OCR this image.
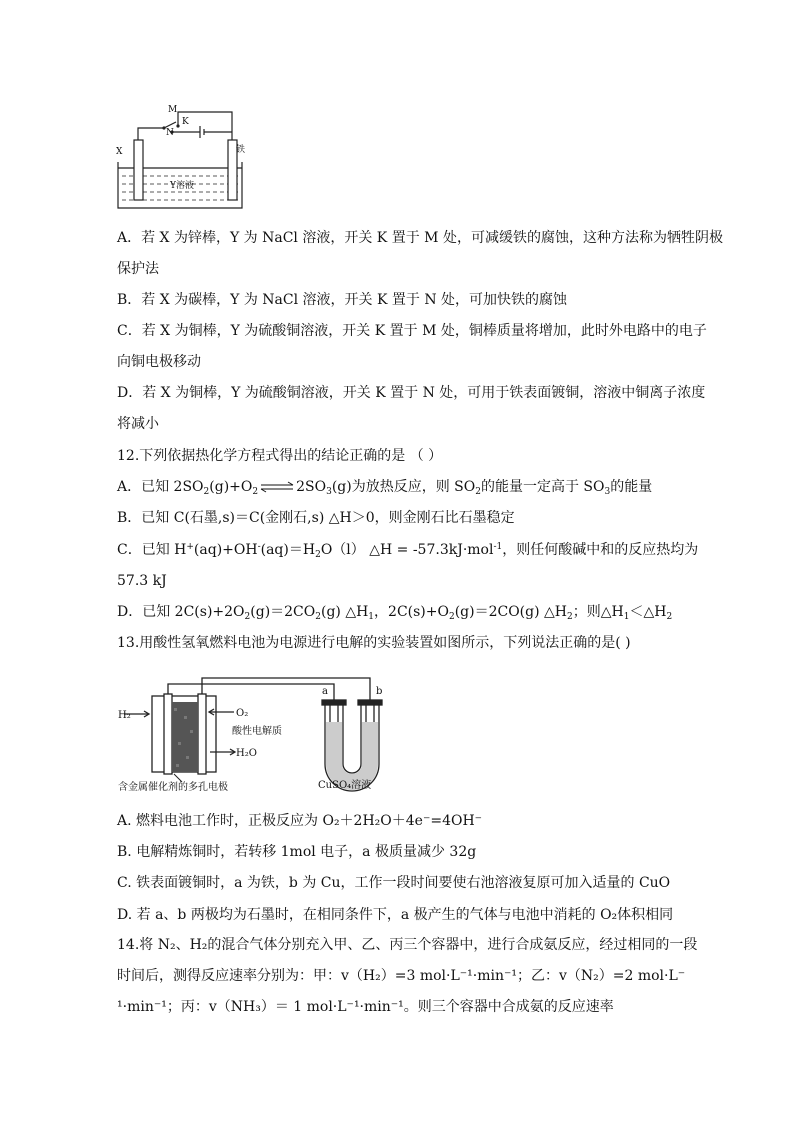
M
K
N
X	铁
Y溶液
A．若 X 为锌棒，Y 为 NaCl 溶液，开关 K 置于 M 处，可减缓铁的腐蚀，这种方法称为牺牲阴极
保护法
B．若 X 为碳棒，Y 为 NaCl 溶液，开关 K 置于 N 处，可加快铁的腐蚀
C．若 X 为铜棒，Y 为硫酸铜溶液，开关 K 置于 M 处，铜棒质量将增加，此时外电路中的电子
向铜电极移动
D．若 X 为铜棒，Y 为硫酸铜溶液，开关 K 置于 N 处，可用于铁表面镀铜，溶液中铜离子浓度
将减小
12.下列依据热化学方程式得出的结论正确的是 （ ）
A．已知 $2SO_2(g)+O_2$ ⇌ $2SO_3(g)$为放热反应，则 $SO_2$的能量一定高于 $SO_3$的能量
B．已知 C(石墨,s)＝C(金刚石,s) △H＞0，则金刚石比石墨稳定
C．已知 $H^+(aq)+OH^-(aq)=H_2O(l)$ △H = -57.3kJ·mol$^{-1}$，则任何酸碱中和的反应热均为
57.3 kJ
D．已知 $2C(s)+2O_2(g)=2CO_2(g)$ $\triangle H_1$，$2C(s)+O_2(g)=2CO(g)$ $\triangle H_2$；则$\triangle H_1<\triangle H_2$
13.用酸性氢氧燃料电池为电源进行电解的实验装置如图所示，下列说法正确的是( )
H₂	O₂
酸性电解质
H₂O
含金属催化剂的多孔电极
a	b
CuSO₄溶液
A. 燃料电池工作时，正极反应为 O₂＋2H₂O＋4e⁻=4OH⁻
B. 电解精炼铜时，若转移 1mol 电子，a 极质量减少 32g
C. 铁表面镀铜时，a 为铁，b 为 Cu，工作一段时间要使右池溶液复原可加入适量的 CuO
D. 若 a、b 两极均为石墨时，在相同条件下，a 极产生的气体与电池中消耗的 O₂体积相同
14.将 N₂、H₂的混合气体分别充入甲、乙、丙三个容器中，进行合成氨反应，经过相同的一段
时间后，测得反应速率分别为：甲：v（H₂）=3 mol·L⁻¹·min⁻¹；乙：v（N₂）=2 mol·L⁻
¹·min⁻¹；丙：v（NH₃）＝ 1 mol·L⁻¹·min⁻¹。则三个容器中合成氨的反应速率
